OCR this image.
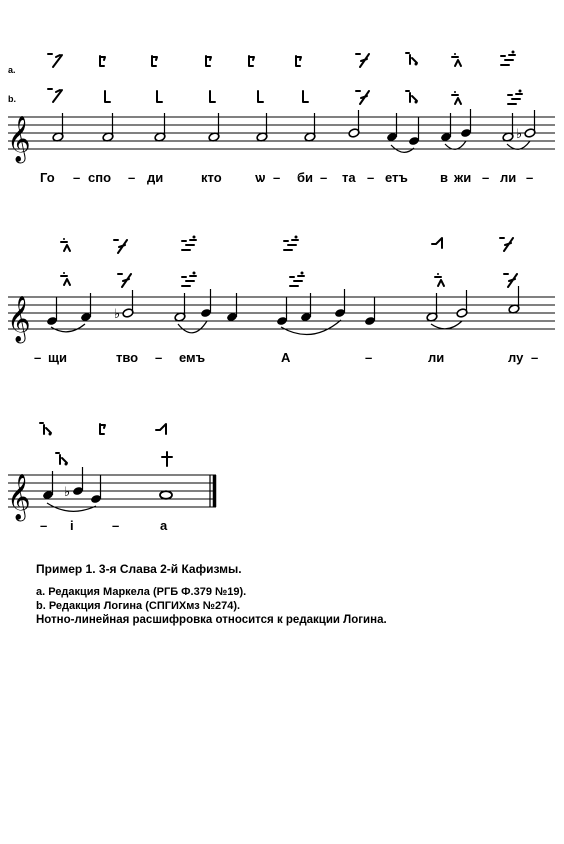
a.
b.
𝄞	♭
Го – спо – ди	кто	ѡ – би – та – етъ в жи – ли –
𝄞	♭
– щи	тво – емъ	А	–	ли	лу –
𝄞	♭
– і	–	а
Пример 1. 3-я Слава 2-й Кафизмы.
a. Редакция Маркела (РГБ Ф.379 №19).
b. Редакция Логина (СПГИХмз №274).
Нотно-линейная расшифровка относится к редакции Логина.
